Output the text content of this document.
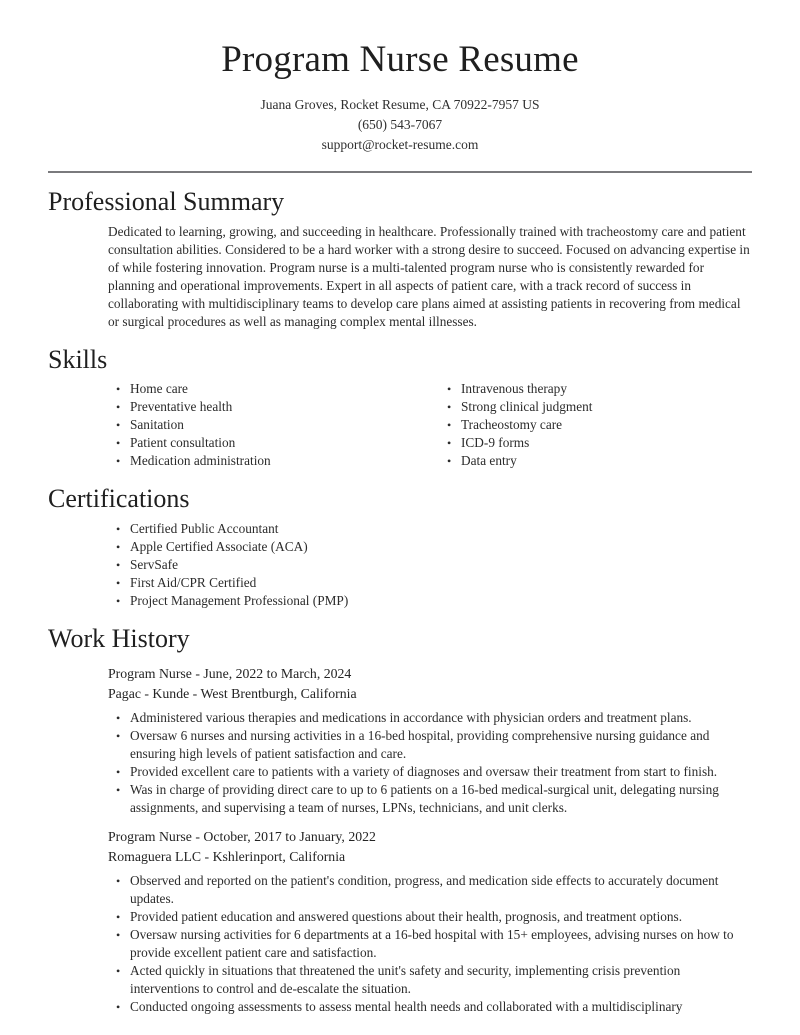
Program Nurse Resume
Juana Groves, Rocket Resume, CA 70922-7957 US
(650) 543-7067
support@rocket-resume.com
Professional Summary

Dedicated to learning, growing, and succeeding in healthcare. Professionally trained with tracheostomy care and patient consultation abilities. Considered to be a hard worker with a strong desire to succeed. Focused on advancing expertise in of while fostering innovation. Program nurse is a multi-talented program nurse who is consistently rewarded for planning and operational improvements. Expert in all aspects of patient care, with a track record of success in collaborating with multidisciplinary teams to develop care plans aimed at assisting patients in recovering from medical or surgical procedures as well as managing complex mental illnesses.

Skills
• Home care
• Preventative health
• Sanitation
• Patient consultation
• Medication administration
• Intravenous therapy
• Strong clinical judgment
• Tracheostomy care
• ICD-9 forms
• Data entry
Certifications
• Certified Public Accountant
• Apple Certified Associate (ACA)
• ServSafe
• First Aid/CPR Certified
• Project Management Professional (PMP)
Work History
Program Nurse - June, 2022 to March, 2024
Pagac - Kunde - West Brentburgh, California
• Administered various therapies and medications in accordance with physician orders and treatment plans.
• Oversaw 6 nurses and nursing activities in a 16-bed hospital, providing comprehensive nursing guidance and ensuring high levels of patient satisfaction and care.
• Provided excellent care to patients with a variety of diagnoses and oversaw their treatment from start to finish.
• Was in charge of providing direct care to up to 6 patients on a 16-bed medical-surgical unit, delegating nursing assignments, and supervising a team of nurses, LPNs, technicians, and unit clerks.
Program Nurse - October, 2017 to January, 2022
Romaguera LLC - Kshlerinport, California
• Observed and reported on the patient's condition, progress, and medication side effects to accurately document updates.
• Provided patient education and answered questions about their health, prognosis, and treatment options.
• Oversaw nursing activities for 6 departments at a 16-bed hospital with 15+ employees, advising nurses on how to provide excellent patient care and satisfaction.
• Acted quickly in situations that threatened the unit's safety and security, implementing crisis prevention interventions to control and de-escalate the situation.
• Conducted ongoing assessments to assess mental health needs and collaborated with a multidisciplinary
